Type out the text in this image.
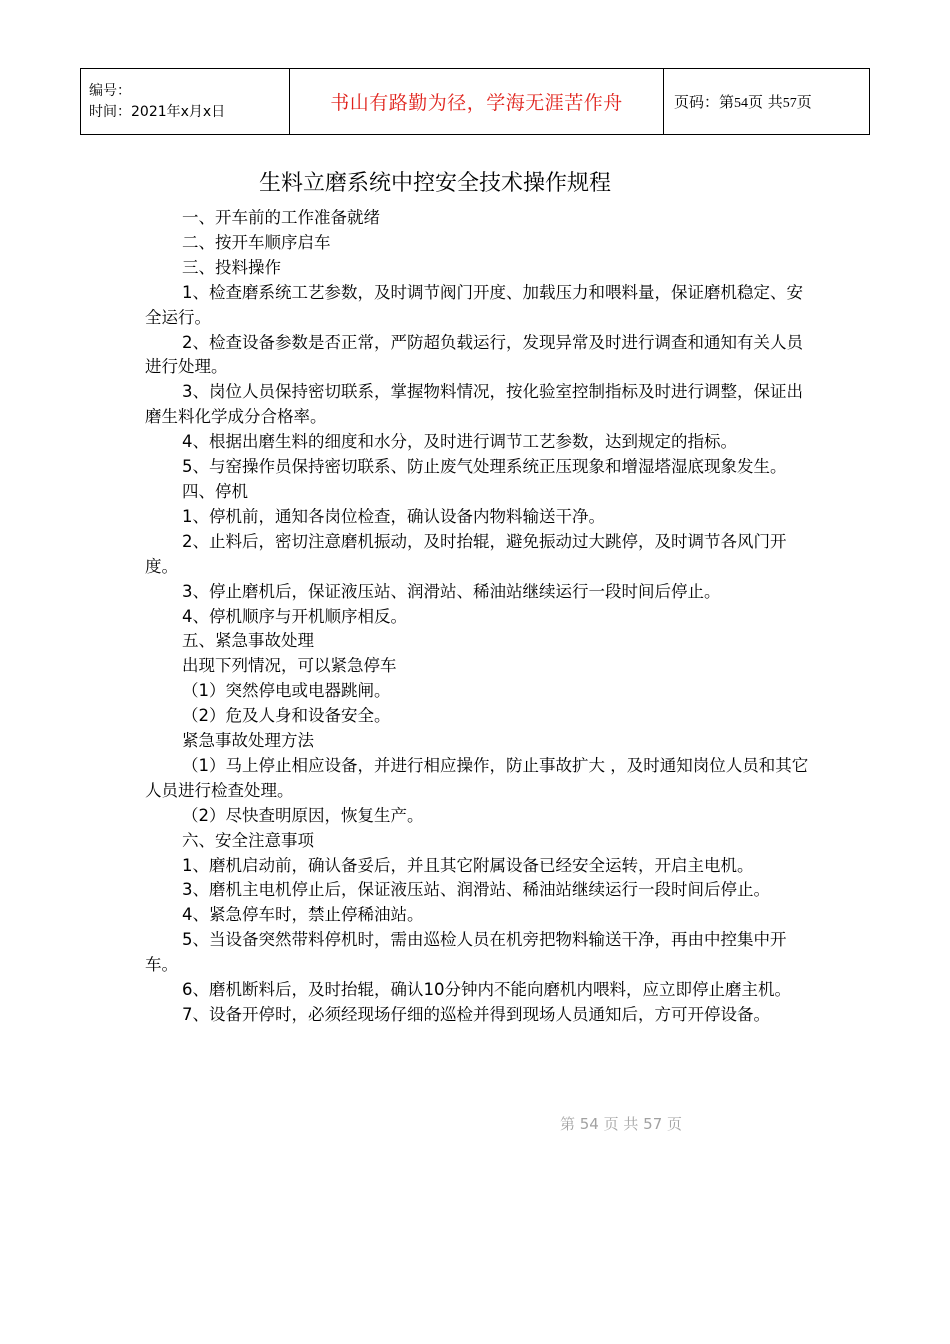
编号：
时间：2021年x月x日	书山有路勤为径，学海无涯苦作舟	页码：第54页 共57页
生料立磨系统中控安全技术操作规程

一、开车前的工作准备就绪

二、按开车顺序启车

三、投料操作

1、检查磨系统工艺参数，及时调节阀门开度、加载压力和喂料量，保证磨机稳定、安全运行。

2、检查设备参数是否正常，严防超负载运行，发现异常及时进行调查和通知有关人员进行处理。

3、岗位人员保持密切联系，掌握物料情况，按化验室控制指标及时进行调整，保证出磨生料化学成分合格率。

4、根据出磨生料的细度和水分，及时进行调节工艺参数，达到规定的指标。

5、与窑操作员保持密切联系、防止废气处理系统正压现象和增湿塔湿底现象发生。

四、停机

1、停机前，通知各岗位检查，确认设备内物料输送干净。

2、止料后，密切注意磨机振动，及时抬辊，避免振动过大跳停，及时调节各风门开度。

3、停止磨机后，保证液压站、润滑站、稀油站继续运行一段时间后停止。

4、停机顺序与开机顺序相反。

五、紧急事故处理

出现下列情况，可以紧急停车

（1）突然停电或电器跳闸。

（2）危及人身和设备安全。

紧急事故处理方法

（1）马上停止相应设备，并进行相应操作，防止事故扩大 ，及时通知岗位人员和其它人员进行检查处理。

（2）尽快查明原因，恢复生产。

六、安全注意事项

1、磨机启动前，确认备妥后，并且其它附属设备已经安全运转，开启主电机。

3、磨机主电机停止后，保证液压站、润滑站、稀油站继续运行一段时间后停止。

4、紧急停车时，禁止停稀油站。

5、当设备突然带料停机时，需由巡检人员在机旁把物料输送干净，再由中控集中开车。

6、磨机断料后，及时抬辊，确认10分钟内不能向磨机内喂料，应立即停止磨主机。

7、设备开停时，必须经现场仔细的巡检并得到现场人员通知后，方可开停设备。

第 54 页 共 57 页
